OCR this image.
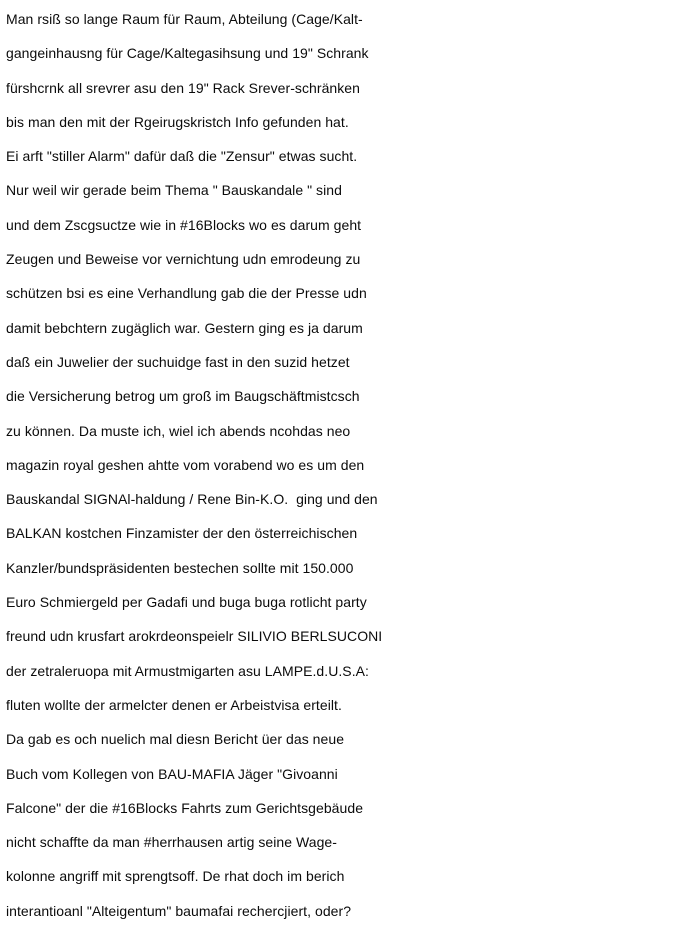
Man rsiß so lange Raum für Raum, Abteilung (Cage/Kalt-
gangeinhausng für Cage/Kaltegasihsung und 19" Schrank
fürshcrnk all srevrer asu den 19" Rack Srever-schränken
bis man den mit der Rgeirugskristch Info gefunden hat.
Ei arft "stiller Alarm" dafür daß die "Zensur" etwas sucht.
Nur weil wir gerade beim Thema " Bauskandale " sind
und dem Zscgsuctze wie in #16Blocks wo es darum geht
Zeugen und Beweise vor vernichtung udn emrodeung zu
schützen bsi es eine Verhandlung gab die der Presse udn
damit bebchtern zugäglich war. Gestern ging es ja darum
daß ein Juwelier der suchuidge fast in den suzid hetzet
die Versicherung betrog um groß im Baugschäftmistcsch
zu können. Da muste ich, wiel ich abends ncohdas neo
magazin royal geshen ahtte vom vorabend wo es um den
Bauskandal SIGNAl-haldung / Rene Bin-K.O.  ging und den
BALKAN kostchen Finzamister der den österreichischen
Kanzler/bundspräsidenten bestechen sollte mit 150.000
Euro Schmiergeld per Gadafi und buga buga rotlicht party
freund udn krusfart arokrdeonspeielr SILIVIO BERLSUCONI
der zetraleruopa mit Armustmigarten asu LAMPE.d.U.S.A:
fluten wollte der armelcter denen er Arbeistvisa erteilt.
Da gab es och nuelich mal diesn Bericht üer das neue
Buch vom Kollegen von BAU-MAFIA Jäger "Givoanni
Falcone" der die #16Blocks Fahrts zum Gerichtsgebäude
nicht schaffte da man #herrhausen artig seine Wage-
kolonne angriff mit sprengtsoff. De rhat doch im berich
interantioanl "Alteigentum" baumafai rechercjiert, oder?
